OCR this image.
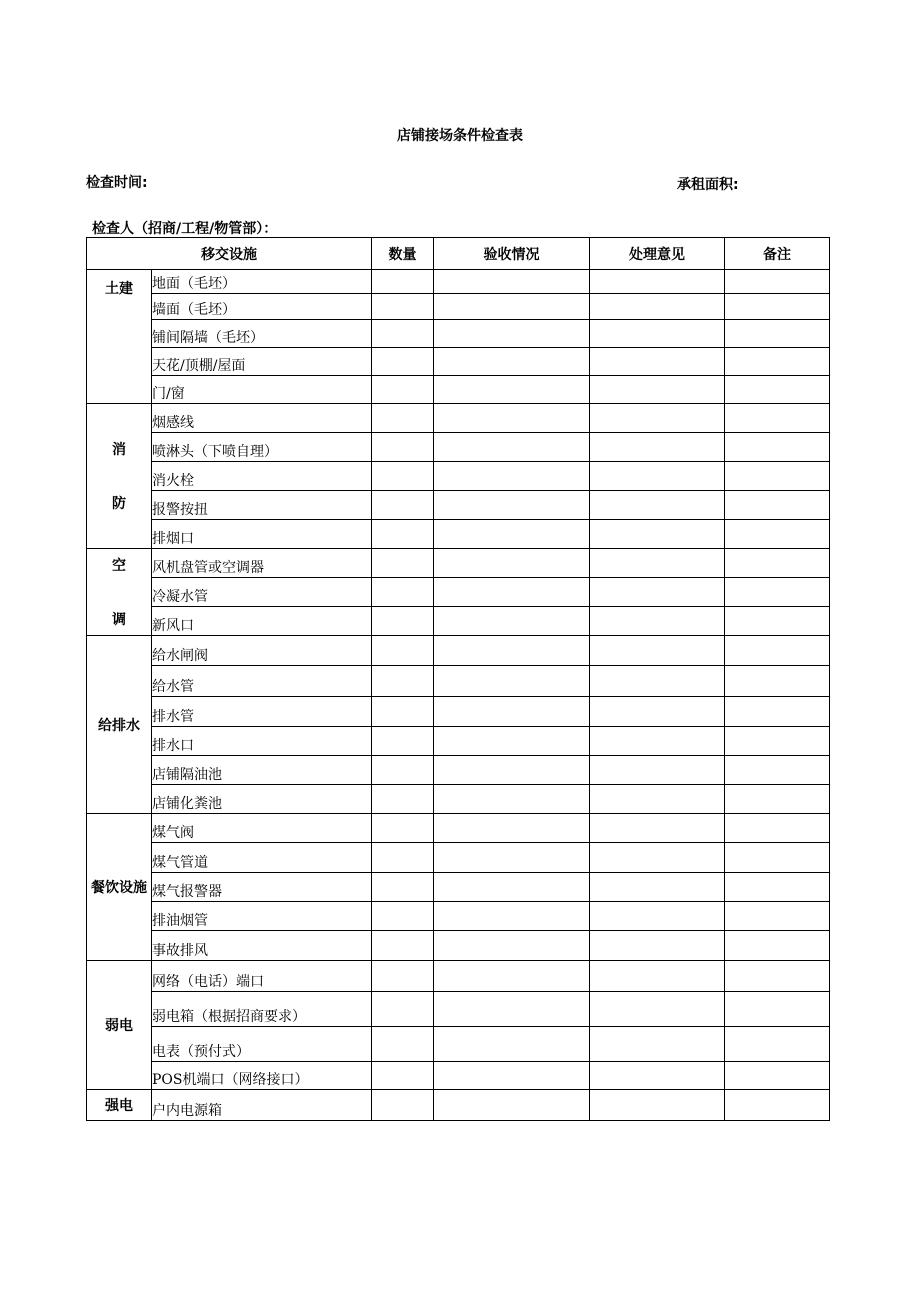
店铺接场条件检查表
检查时间:	承租面积:
检查人（招商/工程/物管部）：
移交设施		数量	验收情况	处理意见	备注

土建	地面（毛坯）				
	墙面（毛坯）				
	铺间隔墙（毛坯）				
	天花/顶棚/屋面				
	门/窗				

消
防	烟感线				
	喷淋头（下喷自理）				
	消火栓				
	报警按扭				
	排烟口				

空
调	风机盘管或空调器				
	冷凝水管				
	新风口				

给排水	给水闸阀				
	给水管				
	排水管				
	排水口				
	店铺隔油池				
	店铺化粪池				

餐饮设施	煤气阀				
	煤气管道				
	煤气报警器				
	排油烟管				
	事故排风				

弱电	网络（电话）端口				
	弱电箱（根据招商要求）				
	电表（预付式）				
	POS机端口（网络接口）				

强电	户内电源箱				
